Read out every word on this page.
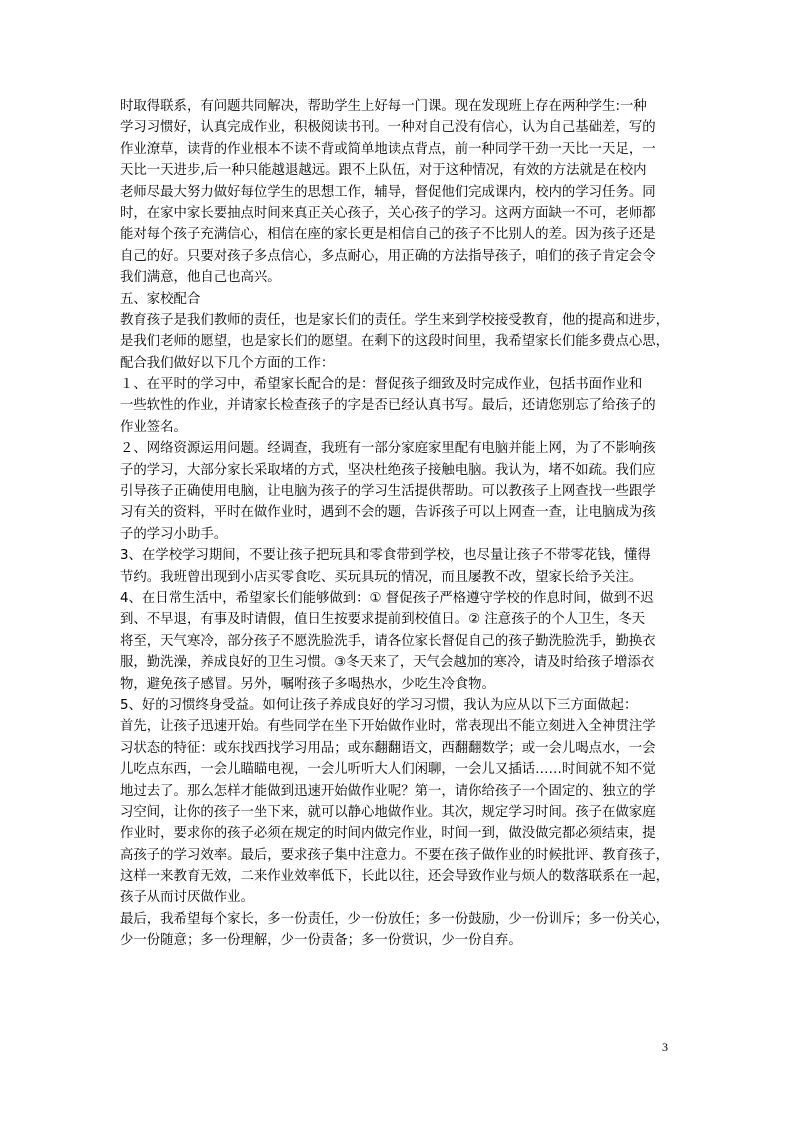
时取得联系，有问题共同解决，帮助学生上好每一门课。现在发现班上存在两种学生:一种
学习习惯好，认真完成作业，积极阅读书刊。一种对自己没有信心，认为自己基础差，写的
作业潦草，读背的作业根本不读不背或简单地读点背点，前一种同学干劲一天比一天足，一
天比一天进步,后一种只能越退越远。跟不上队伍，对于这种情况，有效的方法就是在校内
老师尽最大努力做好每位学生的思想工作，辅导，督促他们完成课内，校内的学习任务。同
时，在家中家长要抽点时间来真正关心孩子，关心孩子的学习。这两方面缺一不可，老师都
能对每个孩子充满信心，相信在座的家长更是相信自己的孩子不比别人的差。因为孩子还是
自己的好。只要对孩子多点信心，多点耐心，用正确的方法指导孩子，咱们的孩子肯定会令
我们满意，他自己也高兴。
五、家校配合
教育孩子是我们教师的责任，也是家长们的责任。学生来到学校接受教育，他的提高和进步，
是我们老师的愿望，也是家长们的愿望。在剩下的这段时间里，我希望家长们能多费点心思，
配合我们做好以下几个方面的工作：
１、在平时的学习中，希望家长配合的是：督促孩子细致及时完成作业，包括书面作业和
一些软性的作业，并请家长检查孩子的字是否已经认真书写。最后，还请您别忘了给孩子的
作业签名。
２、网络资源运用问题。经调查，我班有一部分家庭家里配有电脑并能上网，为了不影响孩
子的学习，大部分家长采取堵的方式，坚决杜绝孩子接触电脑。我认为，堵不如疏。我们应
引导孩子正确使用电脑，让电脑为孩子的学习生活提供帮助。可以教孩子上网查找一些跟学
习有关的资料，平时在做作业时，遇到不会的题，告诉孩子可以上网查一查，让电脑成为孩
子的学习小助手。
3、在学校学习期间，不要让孩子把玩具和零食带到学校，也尽量让孩子不带零花钱，懂得
节约。我班曾出现到小店买零食吃、买玩具玩的情况，而且屡教不改，望家长给予关注。
4、在日常生活中，希望家长们能够做到：① 督促孩子严格遵守学校的作息时间，做到不迟
到、不早退，有事及时请假，值日生按要求提前到校值日。② 注意孩子的个人卫生，冬天
将至，天气寒冷，部分孩子不愿洗脸洗手，请各位家长督促自己的孩子勤洗脸洗手，勤换衣
服，勤洗澡，养成良好的卫生习惯。③冬天来了，天气会越加的寒冷，请及时给孩子增添衣
物，避免孩子感冒。另外，嘱咐孩子多喝热水，少吃生冷食物。
5、好的习惯终身受益。如何让孩子养成良好的学习习惯，我认为应从以下三方面做起：
首先，让孩子迅速开始。有些同学在坐下开始做作业时，常表现出不能立刻进入全神贯注学
习状态的特征：或东找西找学习用品；或东翻翻语文，西翻翻数学；或一会儿喝点水，一会
儿吃点东西，一会儿瞄瞄电视，一会儿听听大人们闲聊，一会儿又插话……时间就不知不觉
地过去了。那么怎样才能做到迅速开始做作业呢？第一，请你给孩子一个固定的、独立的学
习空间，让你的孩子一坐下来，就可以静心地做作业。其次，规定学习时间。孩子在做家庭
作业时，要求你的孩子必须在规定的时间内做完作业，时间一到，做没做完都必须结束，提
高孩子的学习效率。最后，要求孩子集中注意力。不要在孩子做作业的时候批评、教育孩子，
这样一来教育无效，二来作业效率低下，长此以往，还会导致作业与烦人的数落联系在一起，
孩子从而讨厌做作业。
最后，我希望每个家长，多一份责任，少一份放任；多一份鼓励，少一份训斥；多一份关心，
少一份随意；多一份理解，少一份责备；多一份赏识，少一份自弃。
3
